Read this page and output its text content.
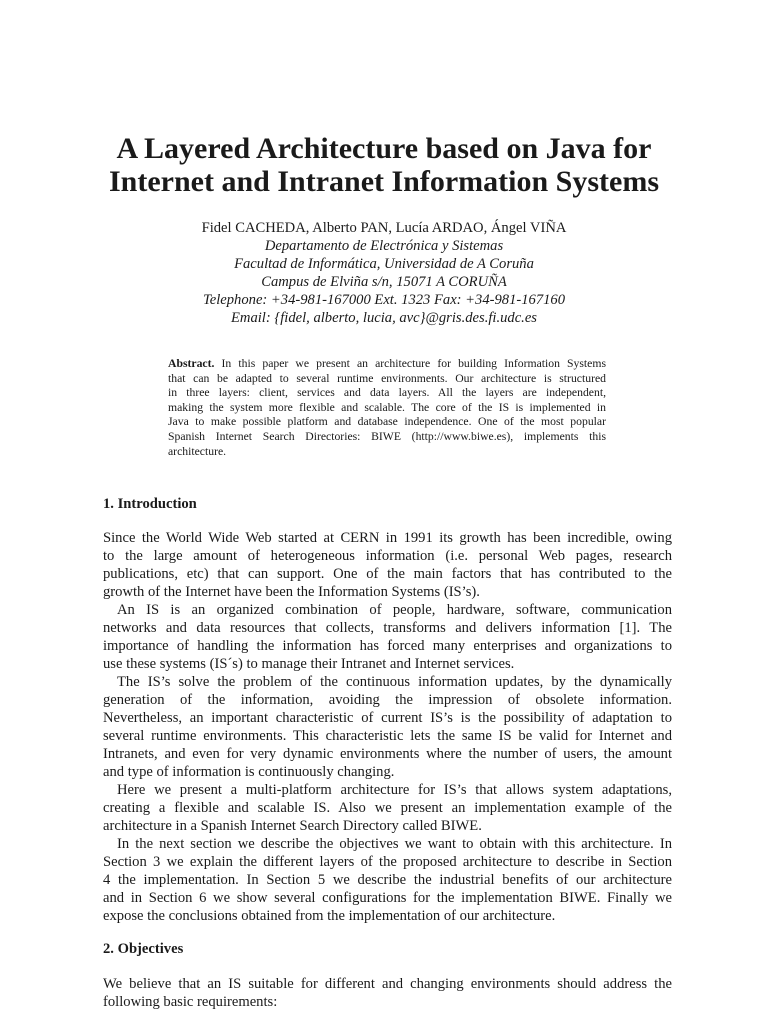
A Layered Architecture based on Java for
Internet and Intranet Information Systems
Fidel CACHEDA, Alberto PAN, Lucía ARDAO, Ángel VIÑA
Departamento de Electrónica y Sistemas
Facultad de Informática, Universidad de A Coruña
Campus de Elviña s/n, 15071 A CORUÑA
Telephone: +34-981-167000 Ext. 1323 Fax: +34-981-167160
Email: {fidel, alberto, lucia, avc}@gris.des.fi.udc.es
Abstract. In this paper we present an architecture for building Information Systems
that can be adapted to several runtime environments. Our architecture is structured
in three layers: client, services and data layers. All the layers are independent,
making the system more flexible and scalable. The core of the IS is implemented in
Java to make possible platform and database independence. One of the most popular
Spanish Internet Search Directories: BIWE (http://www.biwe.es), implements this
architecture.
1. Introduction
Since the World Wide Web started at CERN in 1991 its growth has been incredible, owing
to the large amount of heterogeneous information (i.e. personal Web pages, research
publications, etc) that can support. One of the main factors that has contributed to the
growth of the Internet have been the Information Systems (IS’s).
An IS is an organized combination of people, hardware, software, communication
networks and data resources that collects, transforms and delivers information [1]. The
importance of handling the information has forced many enterprises and organizations to
use these systems (IS´s) to manage their Intranet and Internet services.
The IS’s solve the problem of the continuous information updates, by the dynamically
generation of the information, avoiding the impression of obsolete information.
Nevertheless, an important characteristic of current IS’s is the possibility of adaptation to
several runtime environments. This characteristic lets the same IS be valid for Internet and
Intranets, and even for very dynamic environments where the number of users, the amount
and type of information is continuously changing.
Here we present a multi-platform architecture for IS’s that allows system adaptations,
creating a flexible and scalable IS. Also we present an implementation example of the
architecture in a Spanish Internet Search Directory called BIWE.
In the next section we describe the objectives we want to obtain with this architecture. In
Section 3 we explain the different layers of the proposed architecture to describe in Section
4 the implementation. In Section 5 we describe the industrial benefits of our architecture
and in Section 6 we show several configurations for the implementation BIWE. Finally we
expose the conclusions obtained from the implementation of our architecture.
2. Objectives
We believe that an IS suitable for different and changing environments should address the
following basic requirements:
